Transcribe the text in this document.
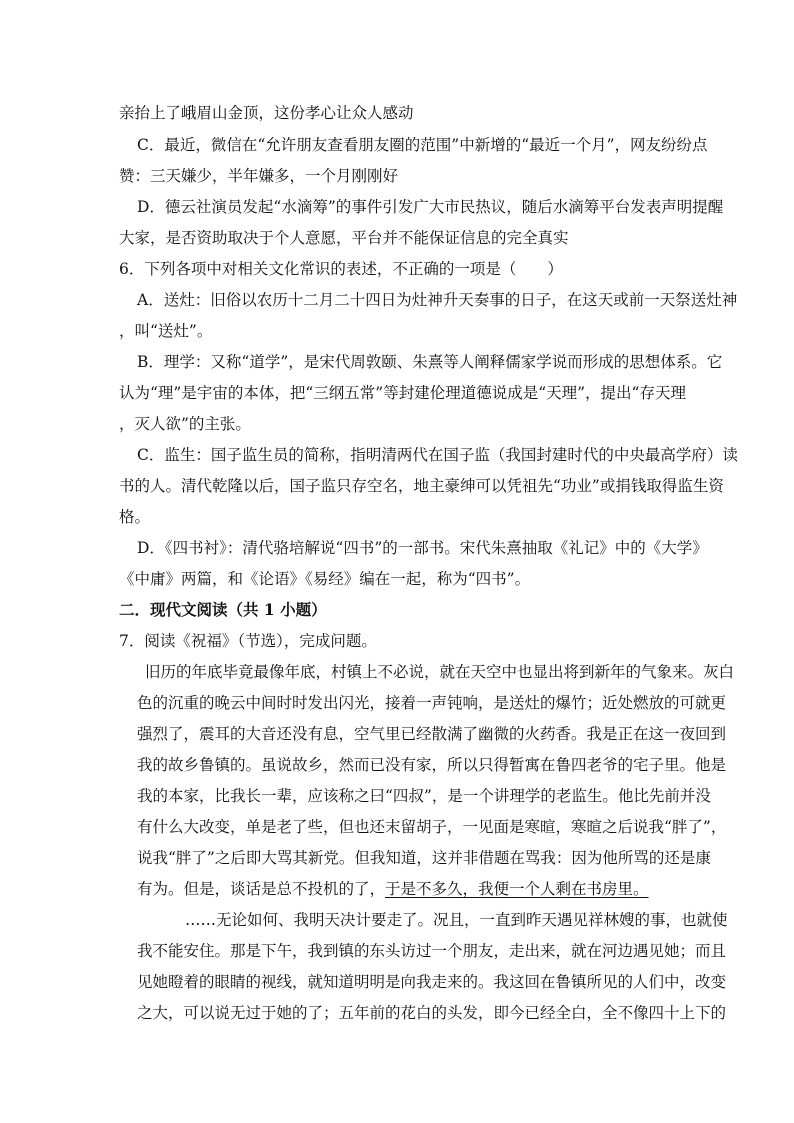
亲抬上了峨眉山金顶，这份孝心让众人感动
C．最近，微信在“允许朋友查看朋友圈的范围”中新增的“最近一个月”，网友纷纷点
赞：三天嫌少，半年嫌多，一个月刚刚好
D．德云社演员发起“水滴筹”的事件引发广大市民热议，随后水滴筹平台发表声明提醒
大家，是否资助取决于个人意愿，平台并不能保证信息的完全真实
6．下列各项中对相关文化常识的表述，不正确的一项是（　　）
A．送灶：旧俗以农历十二月二十四日为灶神升天奏事的日子，在这天或前一天祭送灶神
，叫“送灶”。
B．理学：又称“道学”，是宋代周敦颐、朱熹等人阐释儒家学说而形成的思想体系。它
认为“理”是宇宙的本体，把“三纲五常”等封建伦理道德说成是“天理”，提出“存天理
，灭人欲”的主张。
C．监生：国子监生员的简称，指明清两代在国子监（我国封建时代的中央最高学府）读
书的人。清代乾隆以后，国子监只存空名，地主豪绅可以凭祖先“功业”或捐钱取得监生资
格。
D．《四书衬》：清代骆培解说“四书”的一部书。宋代朱熹抽取《礼记》中的《大学》
《中庸》两篇，和《论语》《易经》编在一起，称为“四书”。
二．现代文阅读（共 1 小题）
7．阅读《祝福》（节选），完成问题。
旧历的年底毕竟最像年底，村镇上不必说，就在天空中也显出将到新年的气象来。灰白
色的沉重的晚云中间时时发出闪光，接着一声钝响，是送灶的爆竹；近处燃放的可就更
强烈了，震耳的大音还没有息，空气里已经散满了幽微的火药香。我是正在这一夜回到
我的故乡鲁镇的。虽说故乡，然而已没有家，所以只得暂寓在鲁四老爷的宅子里。他是
我的本家，比我长一辈，应该称之曰“四叔”，是一个讲理学的老监生。他比先前并没
有什么大改变，单是老了些，但也还末留胡子，一见面是寒暄，寒暄之后说我“胖了”，
说我“胖了”之后即大骂其新党。但我知道，这并非借题在骂我：因为他所骂的还是康
有为。但是，谈话是总不投机的了，于是不多久，我便一个人剩在书房里。
……无论如何、我明天决计要走了。况且，一直到昨天遇见祥林嫂的事，也就使
我不能安住。那是下午，我到镇的东头访过一个朋友，走出来，就在河边遇见她；而且
见她瞪着的眼睛的视线，就知道明明是向我走来的。我这回在鲁镇所见的人们中，改变
之大，可以说无过于她的了；五年前的花白的头发，即今已经全白，全不像四十上下的
